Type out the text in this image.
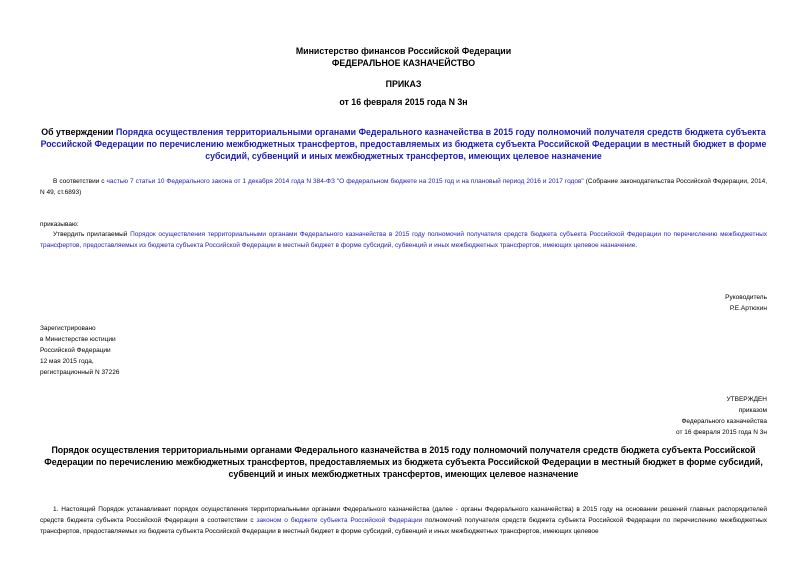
Министерство финансов Российской Федерации
ФЕДЕРАЛЬНОЕ КАЗНАЧЕЙСТВО
ПРИКАЗ
от 16 февраля 2015 года N 3н
Об утверждении Порядка осуществления территориальными органами Федерального казначейства в 2015 году полномочий получателя средств бюджета субъекта Российской Федерации по перечислению межбюджетных трансфертов, предоставляемых из бюджета субъекта Российской Федерации в местный бюджет в форме субсидий, субвенций и иных межбюджетных трансфертов, имеющих целевое назначение
В соответствии с частью 7 статьи 10 Федерального закона от 1 декабря 2014 года N 384-ФЗ "О федеральном бюджете на 2015 год и на плановый период 2016 и 2017 годов" (Собрание законодательства Российской Федерации, 2014, N 49, ст.6893)
приказываю:
Утвердить прилагаемый Порядок осуществления территориальными органами Федерального казначейства в 2015 году полномочий получателя средств бюджета субъекта Российской Федерации по перечислению межбюджетных трансфертов, предоставляемых из бюджета субъекта Российской Федерации в местный бюджет в форме субсидий, субвенций и иных межбюджетных трансфертов, имеющих целевое назначение.
Руководитель
Р.Е.Артюхин
Зарегистрировано
в Министерстве юстиции
Российской Федерации
12 мая 2015 года,
регистрационный N 37226
УТВЕРЖДЕН
приказом
Федерального казначейства
от 16 февраля 2015 года N 3н
Порядок осуществления территориальными органами Федерального казначейства в 2015 году полномочий получателя средств бюджета субъекта Российской Федерации по перечислению межбюджетных трансфертов, предоставляемых из бюджета субъекта Российской Федерации в местный бюджет в форме субсидий, субвенций и иных межбюджетных трансфертов, имеющих целевое назначение
1. Настоящий Порядок устанавливает порядок осуществления территориальными органами Федерального казначейства (далее - органы Федерального казначейства) в 2015 году на основании решений главных распорядителей средств бюджета субъекта Российской Федерации в соответствии с законом о бюджете субъекта Российской Федерации полномочий получателя средств бюджета субъекта Российской Федерации по перечислению межбюджетных трансфертов, предоставляемых из бюджета субъекта Российской Федерации в местный бюджет в форме субсидий, субвенций и иных межбюджетных трансфертов, имеющих целевое
